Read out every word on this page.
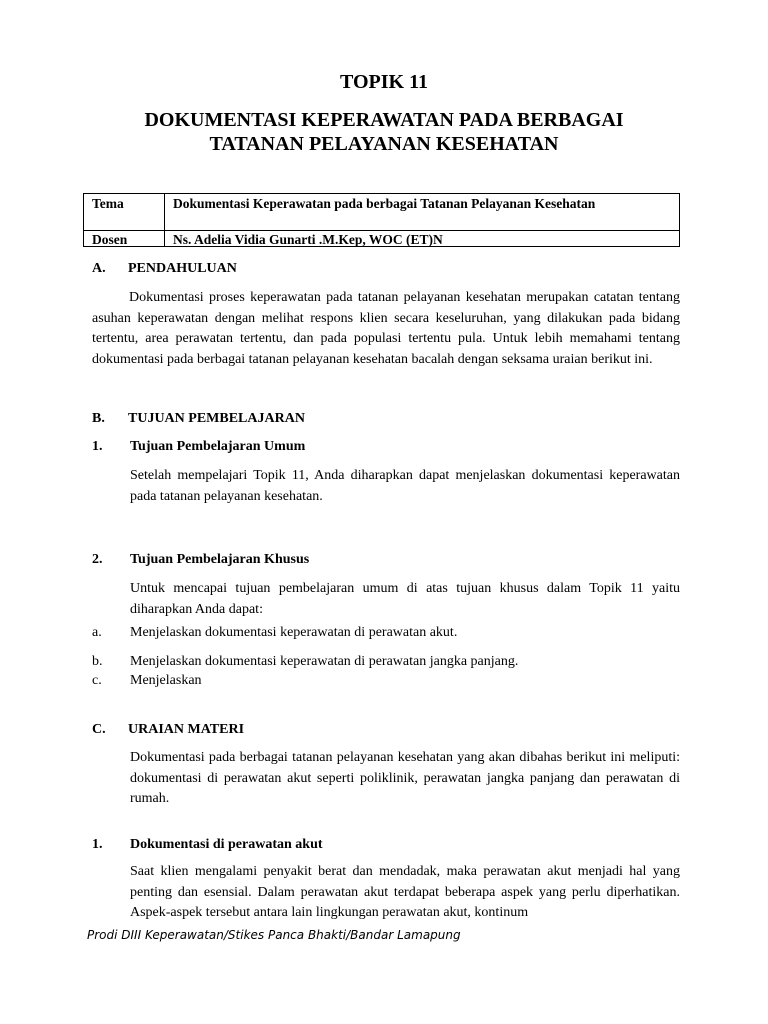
TOPIK 11
DOKUMENTASI KEPERAWATAN PADA BERBAGAI
TATANAN PELAYANAN KESEHATAN
Tema	Dokumentasi Keperawatan pada berbagai Tatanan Pelayanan Kesehatan
Dosen	Ns. Adelia Vidia Gunarti .M.Kep, WOC (ET)N
A. PENDAHULUAN
Dokumentasi proses keperawatan pada tatanan pelayanan kesehatan merupakan catatan tentang asuhan keperawatan dengan melihat respons klien secara keseluruhan, yang dilakukan pada bidang tertentu, area perawatan tertentu, dan pada populasi tertentu pula. Untuk lebih memahami tentang dokumentasi pada berbagai tatanan pelayanan kesehatan bacalah dengan seksama uraian berikut ini.
B. TUJUAN PEMBELAJARAN
1. Tujuan Pembelajaran Umum
Setelah mempelajari Topik 11, Anda diharapkan dapat menjelaskan dokumentasi keperawatan pada tatanan pelayanan kesehatan.
2. Tujuan Pembelajaran Khusus
Untuk mencapai tujuan pembelajaran umum di atas tujuan khusus dalam Topik 11 yaitu diharapkan Anda dapat:
a. Menjelaskan dokumentasi keperawatan di perawatan akut.
b. Menjelaskan dokumentasi keperawatan di perawatan jangka panjang.
c. Menjelaskan
C. URAIAN MATERI
Dokumentasi pada berbagai tatanan pelayanan kesehatan yang akan dibahas berikut ini meliputi: dokumentasi di perawatan akut seperti poliklinik, perawatan jangka panjang dan perawatan di rumah.
1. Dokumentasi di perawatan akut
Saat klien mengalami penyakit berat dan mendadak, maka perawatan akut menjadi hal yang penting dan esensial. Dalam perawatan akut terdapat beberapa aspek yang perlu diperhatikan. Aspek-aspek tersebut antara lain lingkungan perawatan akut, kontinum
Prodi DIII Keperawatan/Stikes Panca Bhakti/Bandar Lamapung
